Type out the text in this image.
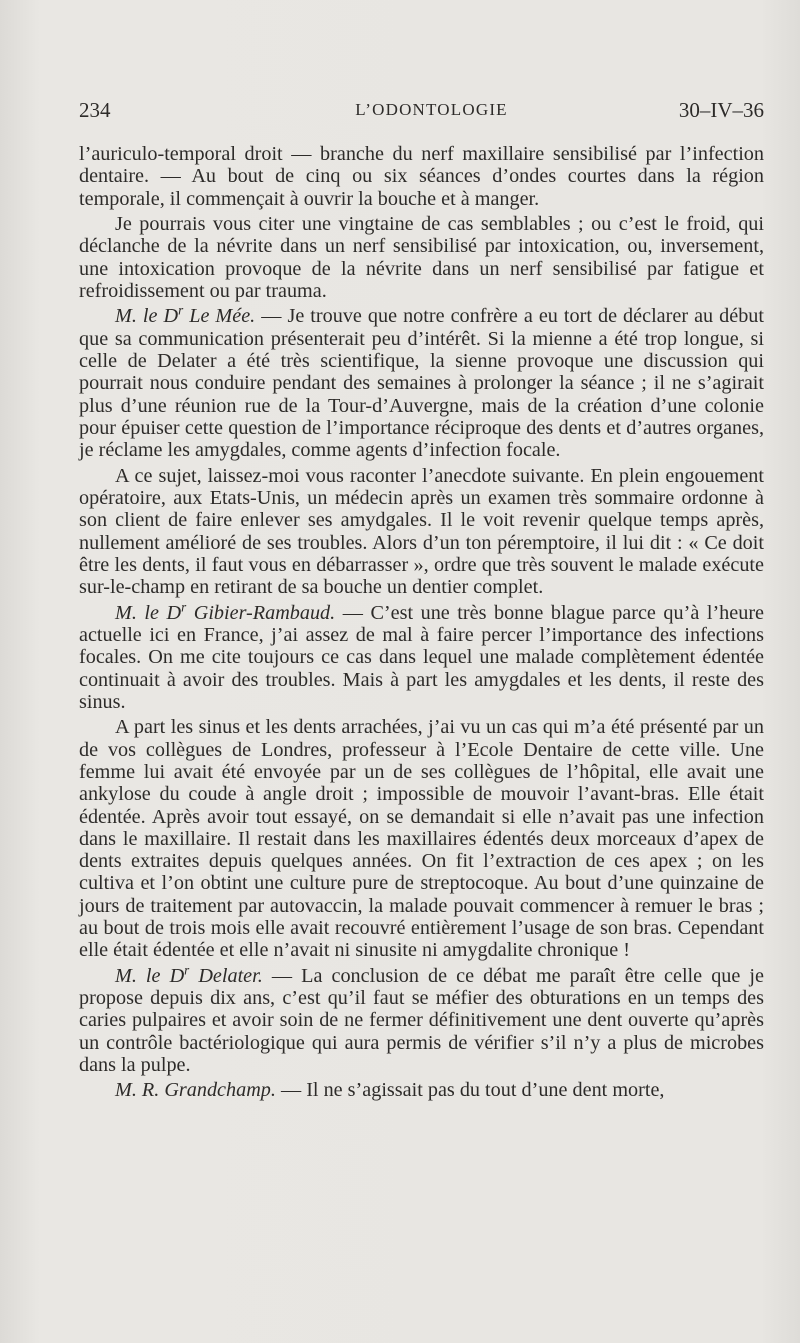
234	L’ODONTOLOGIE	30–IV–36

l’auriculo-temporal droit — branche du nerf maxillaire sensibilisé par l’infection dentaire. — Au bout de cinq ou six séances d’ondes courtes dans la région temporale, il commençait à ouvrir la bouche et à manger.

Je pourrais vous citer une vingtaine de cas semblables ; ou c’est le froid, qui déclanche de la névrite dans un nerf sensibilisé par intoxication, ou, inversement, une intoxication provoque de la névrite dans un nerf sensibilisé par fatigue et refroidissement ou par trauma.

M. le $D^r$ Le Mée. — Je trouve que notre confrère a eu tort de déclarer au début que sa communication présenterait peu d’intérêt. Si la mienne a été trop longue, si celle de Delater a été très scientifique, la sienne provoque une discussion qui pourrait nous conduire pendant des semaines à prolonger la séance ; il ne s’agirait plus d’une réunion rue de la Tour-d’Auvergne, mais de la création d’une colonie pour épuiser cette question de l’importance réciproque des dents et d’autres organes, je réclame les amygdales, comme agents d’infection focale.

A ce sujet, laissez-moi vous raconter l’anecdote suivante. En plein engouement opératoire, aux Etats-Unis, un médecin après un examen très sommaire ordonne à son client de faire enlever ses amydgales. Il le voit revenir quelque temps après, nullement amélioré de ses troubles. Alors d’un ton péremptoire, il lui dit : « Ce doit être les dents, il faut vous en débarrasser », ordre que très souvent le malade exécute sur-le-champ en retirant de sa bouche un dentier complet.

M. le $D^r$ Gibier-Rambaud. — C’est une très bonne blague parce qu’à l’heure actuelle ici en France, j’ai assez de mal à faire percer l’importance des infections focales. On me cite toujours ce cas dans lequel une malade complètement édentée continuait à avoir des troubles. Mais à part les amygdales et les dents, il reste des sinus.

A part les sinus et les dents arrachées, j’ai vu un cas qui m’a été présenté par un de vos collègues de Londres, professeur à l’Ecole Dentaire de cette ville. Une femme lui avait été envoyée par un de ses collègues de l’hôpital, elle avait une ankylose du coude à angle droit ; impossible de mouvoir l’avant-bras. Elle était édentée. Après avoir tout essayé, on se demandait si elle n’avait pas une infection dans le maxillaire. Il restait dans les maxillaires édentés deux morceaux d’apex de dents extraites depuis quelques années. On fit l’extraction de ces apex ; on les cultiva et l’on obtint une culture pure de streptocoque. Au bout d’une quinzaine de jours de traitement par autovaccin, la malade pouvait commencer à remuer le bras ; au bout de trois mois elle avait recouvré entièrement l’usage de son bras. Cependant elle était édentée et elle n’avait ni sinusite ni amygdalite chronique !

M. le $D^r$ Delater. — La conclusion de ce débat me paraît être celle que je propose depuis dix ans, c’est qu’il faut se méfier des obturations en un temps des caries pulpaires et avoir soin de ne fermer définitivement une dent ouverte qu’après un contrôle bactériologique qui aura permis de vérifier s’il n’y a plus de microbes dans la pulpe.

M. R. Grandchamp. — Il ne s’agissait pas du tout d’une dent morte,
